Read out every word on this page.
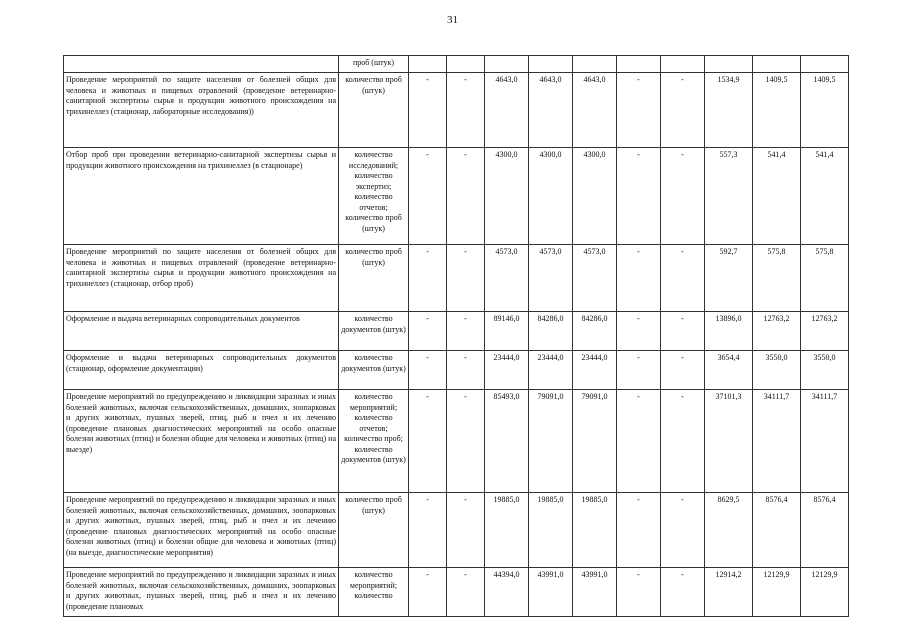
31
	проб (штук)										
Проведение мероприятий по защите населения от болезней общих для человека и животных и пищевых отравлений (проведение ветеринарно-санитарной экспертизы сырья и продукции животного происхождения на трихинеллез (стационар, лабораторные исследования))	количество проб (штук)	-	-	4643,0	4643,0	4643,0	-	-	1534,9	1409,5	1409,5
Отбор проб при проведении ветеринарно-санитарной экспертизы сырья и продукции животного происхождения на трихинеллез (в стационаре)	количество исследований; количество экспертиз; количество отчетов; количество проб (штук)	-	-	4300,0	4300,0	4300,0	-	-	557,3	541,4	541,4
Проведение мероприятий по защите населения от болезней общих для человека и животных и пищевых отравлений (проведение ветеринарно-санитарной экспертизы сырья и продукции животного происхождения на трихинеллез (стационар, отбор проб)	количество проб (штук)	-	-	4573,0	4573,0	4573,0	-	-	592,7	575,8	575,8
Оформление и выдача ветеринарных сопроводительных документов	количество документов (штук)	-	-	89146,0	84286,0	84286,0	-	-	13896,0	12763,2	12763,2
Оформление и выдача ветеринарных сопроводительных документов (стационар, оформление документации)	количество документов (штук)	-	-	23444,0	23444,0	23444,0	-	-	3654,4	3550,0	3550,0
Проведение мероприятий по предупреждению и ликвидации заразных и иных болезней животных, включая сельскохозяйственных, домашних, зоопарковых и других животных, пушных зверей, птиц, рыб и пчел и их лечению (проведение плановых диагностических мероприятий на особо опасные болезни животных (птиц) и болезни общие для человека и животных (птиц) на выезде)	количество мероприятий; количество отчетов; количество проб; количество документов (штук)	-	-	85493,0	79091,0	79091,0	-	-	37101,3	34111,7	34111,7
Проведение мероприятий по предупреждению и ликвидации заразных и иных болезней животных, включая сельскохозяйственных, домашних, зоопарковых и других животных, пушных зверей, птиц, рыб и пчел и их лечению (проведение плановых диагностических мероприятий на особо опасные болезни животных (птиц) и болезни общие для человека и животных (птиц) (на выезде, диагностические мероприятия)	количество проб (штук)	-	-	19885,0	19885,0	19885,0	-	-	8629,5	8576,4	8576,4
Проведение мероприятий по предупреждению и ликвидации заразных и иных болезней животных, включая сельскохозяйственных, домашних, зоопарковых и других животных, пушных зверей, птиц, рыб и пчел и их лечению (проведение плановых	количество мероприятий; количество	-	-	44394,0	43991,0	43991,0	-	-	12914,2	12129,9	12129,9
